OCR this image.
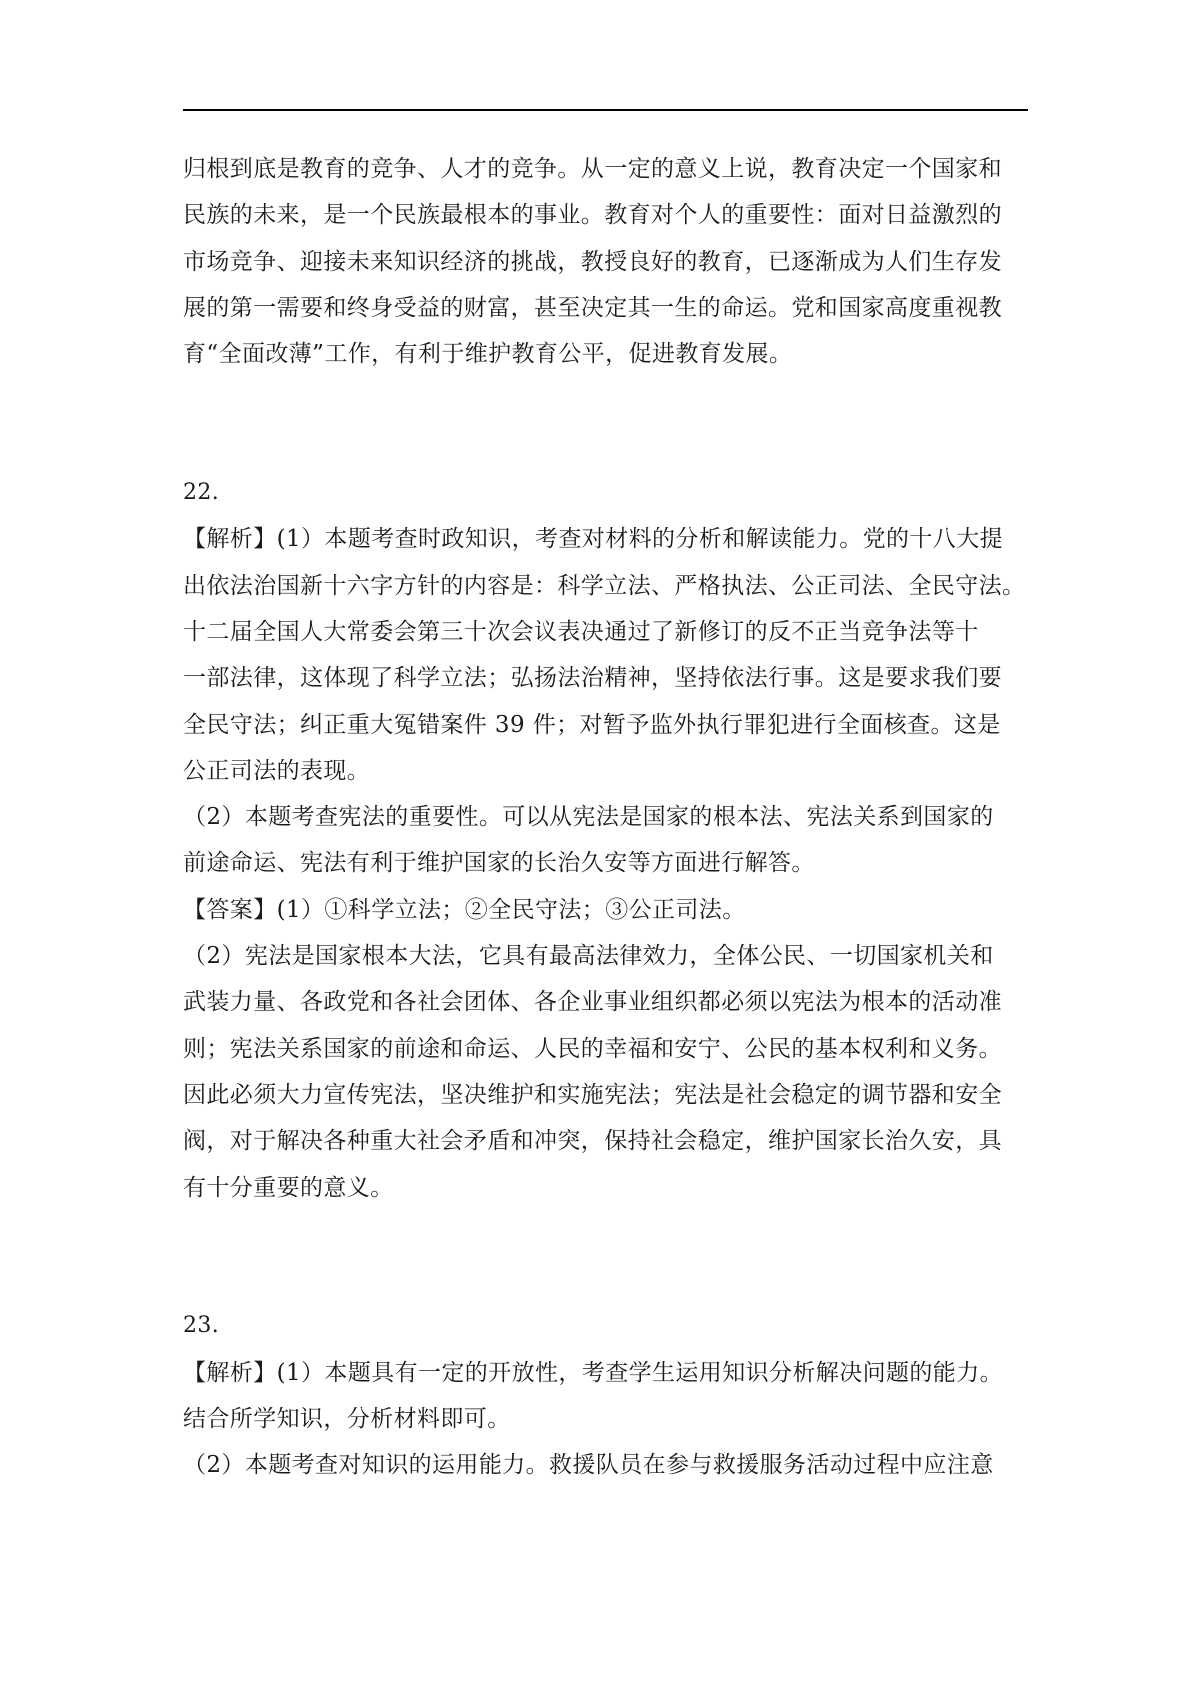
归根到底是教育的竞争、人才的竞争。从一定的意义上说，教育决定一个国家和
民族的未来，是一个民族最根本的事业。教育对个人的重要性：面对日益激烈的
市场竞争、迎接未来知识经济的挑战，教授良好的教育，已逐渐成为人们生存发
展的第一需要和终身受益的财富，甚至决定其一生的命运。党和国家高度重视教
育“全面改薄”工作，有利于维护教育公平，促进教育发展。
22.
【解析】(1）本题考查时政知识，考查对材料的分析和解读能力。党的十八大提
出依法治国新十六字方针的内容是：科学立法、严格执法、公正司法、全民守法。
十二届全国人大常委会第三十次会议表决通过了新修订的反不正当竞争法等十
一部法律，这体现了科学立法；弘扬法治精神，坚持依法行事。这是要求我们要
全民守法；纠正重大冤错案件 39 件；对暂予监外执行罪犯进行全面核查。这是
公正司法的表现。
（2）本题考查宪法的重要性。可以从宪法是国家的根本法、宪法关系到国家的
前途命运、宪法有利于维护国家的长治久安等方面进行解答。
【答案】(1）①科学立法；②全民守法；③公正司法。
（2）宪法是国家根本大法，它具有最高法律效力，全体公民、一切国家机关和
武装力量、各政党和各社会团体、各企业事业组织都必须以宪法为根本的活动准
则；宪法关系国家的前途和命运、人民的幸福和安宁、公民的基本权利和义务。
因此必须大力宣传宪法，坚决维护和实施宪法；宪法是社会稳定的调节器和安全
阀，对于解决各种重大社会矛盾和冲突，保持社会稳定，维护国家长治久安，具
有十分重要的意义。
23.
【解析】(1）本题具有一定的开放性，考查学生运用知识分析解决问题的能力。
结合所学知识，分析材料即可。
（2）本题考查对知识的运用能力。救援队员在参与救援服务活动过程中应注意
